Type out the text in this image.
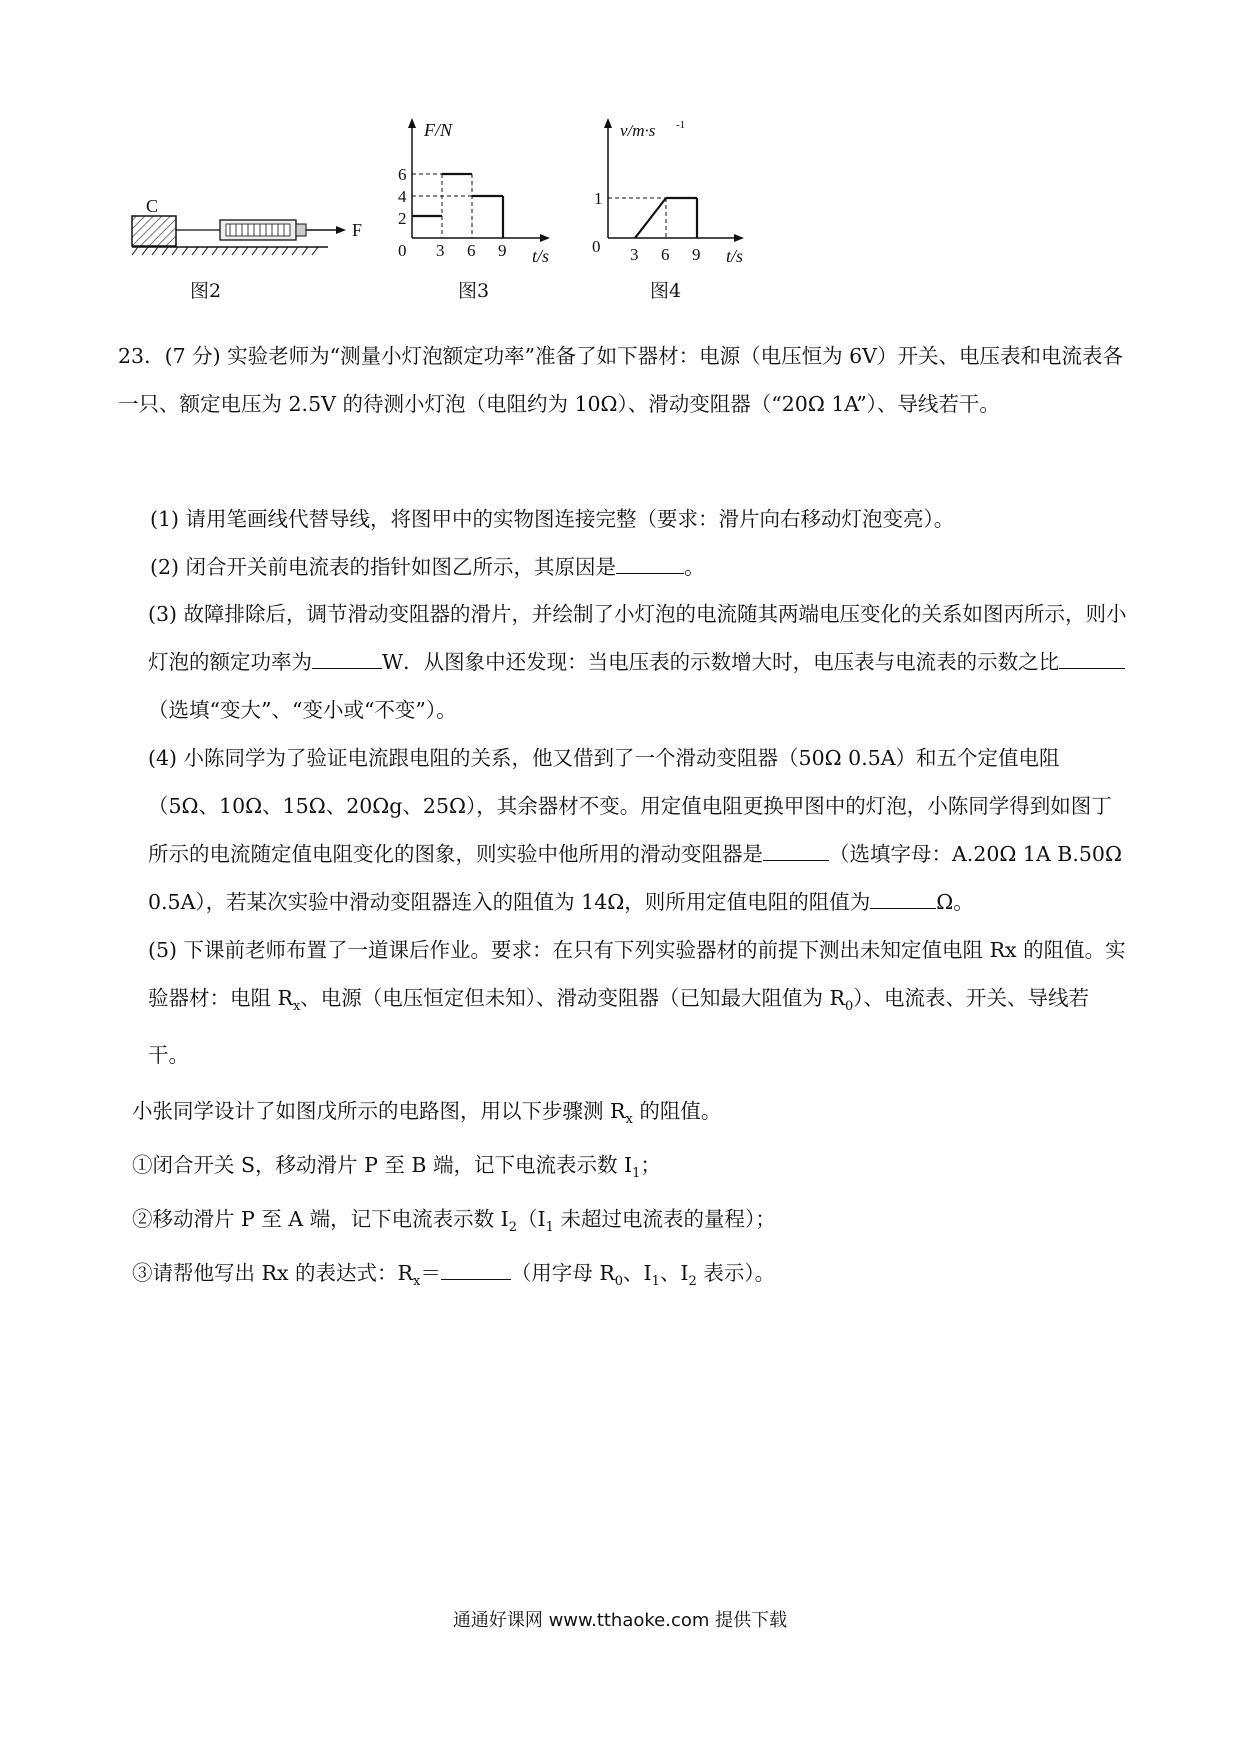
C
F
图2
F/N
t/s
0
6
4
2
3 6 9
图3
v/m·s -1
t/s
0
1
3 6 9
图4
23．(7 分) 实验老师为“测量小灯泡额定功率”准备了如下器材：电源（电压恒为 6V）开关、电压表和电流表各一只、额定电压为 2.5V 的待测小灯泡（电阻约为 10Ω）、滑动变阻器（“20Ω 1A”）、导线若干。
(1) 请用笔画线代替导线，将图甲中的实物图连接完整（要求：滑片向右移动灯泡变亮）。
(2) 闭合开关前电流表的指针如图乙所示，其原因是	。
(3) 故障排除后，调节滑动变阻器的滑片，并绘制了小灯泡的电流随其两端电压变化的关系如图丙所示，则小灯泡的额定功率为	W．从图象中还发现：当电压表的示数增大时，电压表与电流表的示数之比（选填“变大”、“变小或“不变”）。
(4) 小陈同学为了验证电流跟电阻的关系，他又借到了一个滑动变阻器（50Ω 0.5A）和五个定值电阻（5Ω、10Ω、15Ω、20Ωg、25Ω），其余器材不变。用定值电阻更换甲图中的灯泡，小陈同学得到如图丁所示的电流随定值电阻变化的图象，则实验中他所用的滑动变阻器是	（选填字母：A.20Ω 1A B.50Ω 0.5A），若某次实验中滑动变阻器连入的阻值为 14Ω，则所用定值电阻的阻值为	Ω。
(5) 下课前老师布置了一道课后作业。要求：在只有下列实验器材的前提下测出未知定值电阻 Rx 的阻值。实验器材：电阻 $R_x$、电源（电压恒定但未知）、滑动变阻器（已知最大阻值为 $R_0$）、电流表、开关、导线若干。
小张同学设计了如图戊所示的电路图，用以下步骤测 $R_x$ 的阻值。
①闭合开关 S，移动滑片 P 至 B 端，记下电流表示数 $I_1$；
②移动滑片 P 至 A 端，记下电流表示数 $I_2(I_1$ 未超过电流表的量程）；
③请帮他写出 Rx 的表达式：$R_x=$	（用字母 $R_0$、$I_1$、$I_2$ 表示）。
通通好课网 www.tthaoke.com 提供下载
